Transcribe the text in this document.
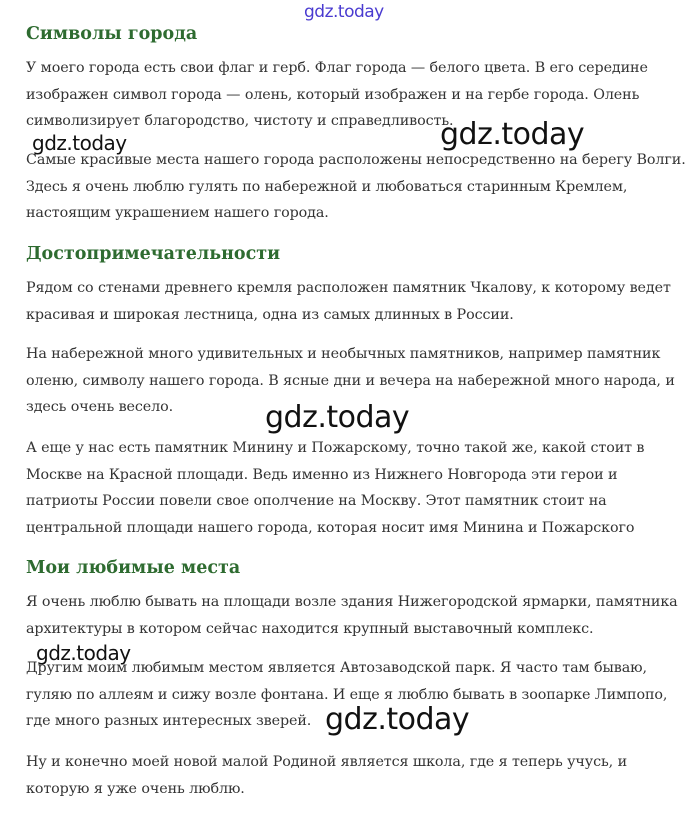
Символы города

У моего города есть свои флаг и герб. Флаг города — белого цвета. В его середине изображен символ города — олень, который изображен и на гербе города. Олень символизирует благородство, чистоту и справедливость.

Самые красивые места нашего города расположены непосредственно на берегу Волги. Здесь я очень люблю гулять по набережной и любоваться старинным Кремлем, настоящим украшением нашего города.

Достопримечательности

Рядом со стенами древнего кремля расположен памятник Чкалову, к которому ведет красивая и широкая лестница, одна из самых длинных в России.

На набережной много удивительных и необычных памятников, например памятник оленю, символу нашего города. В ясные дни и вечера на набережной много народа, и здесь очень весело.

А еще у нас есть памятник Минину и Пожарскому, точно такой же, какой стоит в Москве на Красной площади. Ведь именно из Нижнего Новгорода эти герои и патриоты России повели свое ополчение на Москву. Этот памятник стоит на центральной площади нашего города, которая носит имя Минина и Пожарского

Мои любимые места

Я очень люблю бывать на площади возле здания Нижегородской ярмарки, памятника архитектуры в котором сейчас находится крупный выставочный комплекс.

Другим моим любимым местом является Автозаводской парк. Я часто там бываю, гуляю по аллеям и сижу возле фонтана. И еще я люблю бывать в зоопарке Лимпопо, где много разных интересных зверей.

Ну и конечно моей новой малой Родиной является школа, где я теперь учусь, и которую я уже очень люблю.

gdz.today
gdz.today
gdz.today
gdz.today
gdz.today
gdz.today
